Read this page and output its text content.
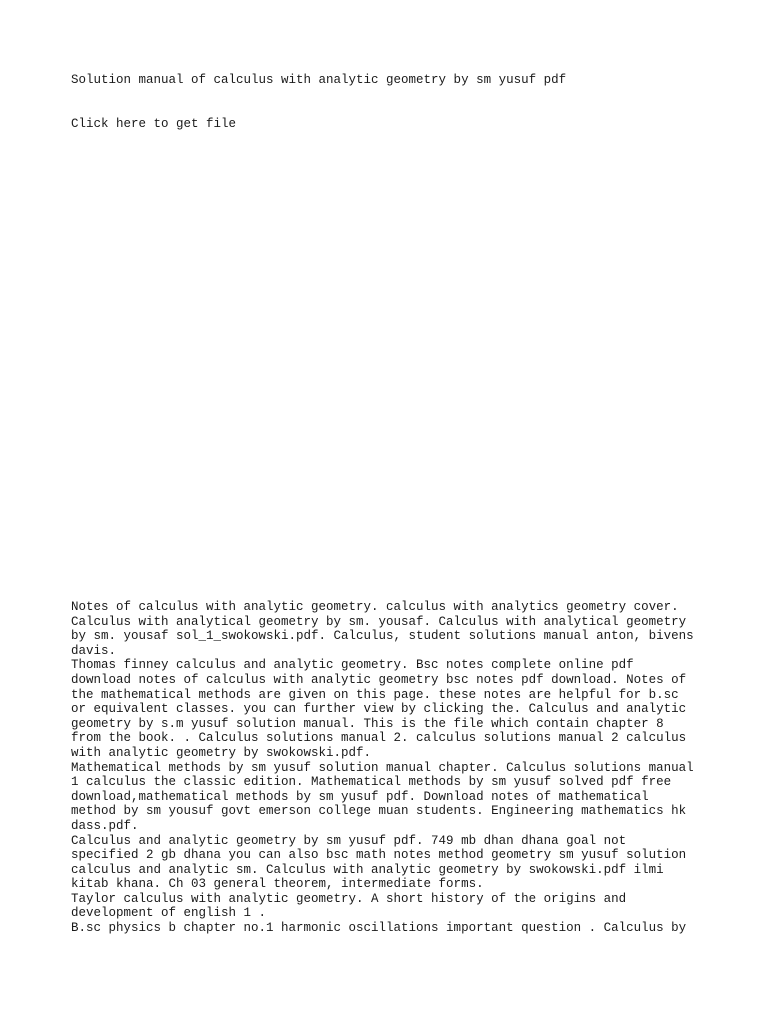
Solution manual of calculus with analytic geometry by sm yusuf pdf

Click here to get file

Notes of calculus with analytic geometry. calculus with analytics geometry cover.

Calculus with analytical geometry by sm. yousaf. Calculus with analytical geometry

by sm. yousaf sol_1_swokowski.pdf. Calculus, student solutions manual anton, bivens

davis.

Thomas finney calculus and analytic geometry. Bsc notes complete online pdf

download notes of calculus with analytic geometry bsc notes pdf download. Notes of

the mathematical methods are given on this page. these notes are helpful for b.sc

or equivalent classes. you can further view by clicking the. Calculus and analytic

geometry by s.m yusuf solution manual. This is the file which contain chapter 8

from the book. . Calculus solutions manual 2. calculus solutions manual 2 calculus

with analytic geometry by swokowski.pdf.

Mathematical methods by sm yusuf solution manual chapter. Calculus solutions manual

1 calculus the classic edition. Mathematical methods by sm yusuf solved pdf free

download,mathematical methods by sm yusuf pdf. Download notes of mathematical

method by sm yousuf govt emerson college muan students. Engineering mathematics hk

dass.pdf.

Calculus and analytic geometry by sm yusuf pdf. 749 mb dhan dhana goal not

specified 2 gb dhana you can also bsc math notes method geometry sm yusuf solution

calculus and analytic sm. Calculus with analytic geometry by swokowski.pdf ilmi

kitab khana. Ch 03 general theorem, intermediate forms.

Taylor calculus with analytic geometry. A short history of the origins and

development of english 1 .

B.sc physics b chapter no.1 harmonic oscillations important question . Calculus by
